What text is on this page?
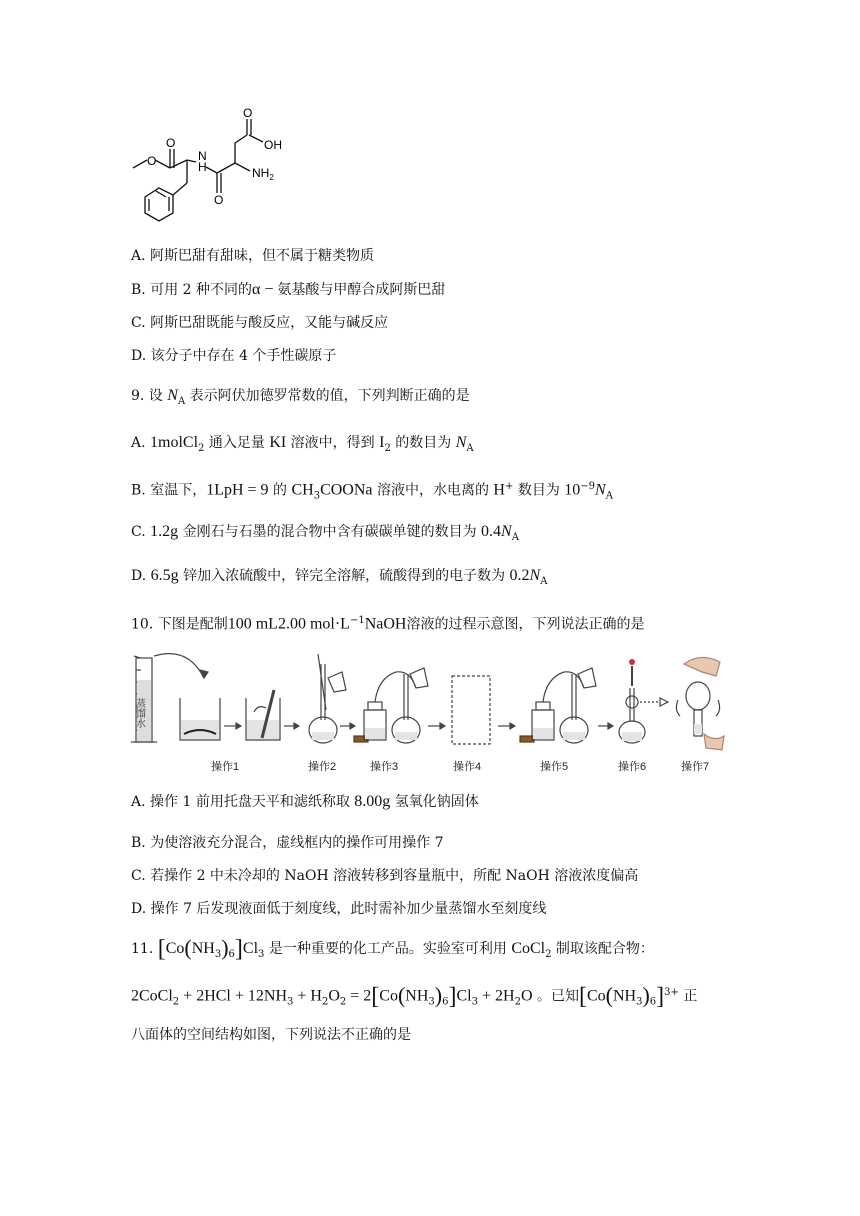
O
O
N
H
O
$NH_2$
O
OH
A. 阿斯巴甜有甜味，但不属于糖类物质
B. 可用 2 种不同的α − 氨基酸与甲醇合成阿斯巴甜
C. 阿斯巴甜既能与酸反应，又能与碱反应
D. 该分子中存在 4 个手性碳原子
9. 设 $N_A$ 表示阿伏加德罗常数的值，下列判断正确的是
A. 1molCl$_2$ 通入足量 KI 溶液中，得到 $I_2$ 的数目为 $N_A$
B. 室温下，1LpH = 9 的 $CH_3COONa$ 溶液中，水电离的 H+ 数目为 $10^{-9}N_A$
C. 1.2g 金刚石与石墨的混合物中含有碳碳单键的数目为 $0.4N_A$
D. 6.5g 锌加入浓硫酸中，锌完全溶解，硫酸得到的电子数为 $0.2N_A$
10. 下图是配制100 mL2.00 $mol\cdot L^{-1}NaOH$溶液的过程示意图，下列说法正确的是
蒸馏水
操作1	操作2	操作3	操作4	操作5	操作6	操作7
A. 操作 1 前用托盘天平和滤纸称取 8.00g 氢氧化钠固体
B. 为使溶液充分混合，虚线框内的操作可用操作 7
C. 若操作 2 中未冷却的 NaOH 溶液转移到容量瓶中，所配 NaOH 溶液浓度偏高
D. 操作 7 后发现液面低于刻度线，此时需补加少量蒸馏水至刻度线
11. $[Co(NH_3)_6]Cl_3$ 是一种重要的化工产品。实验室可利用 CoCl$_2$ 制取该配合物：
2CoCl$_2$ + $2HCl + 12NH_3 + H_2O_2 = 2[Co(NH_3)_6]Cl_3 + 2H_2O$ 。已知$[Co(NH_3)_6]^{3+}$ 正
八面体的空间结构如图，下列说法不正确的是
